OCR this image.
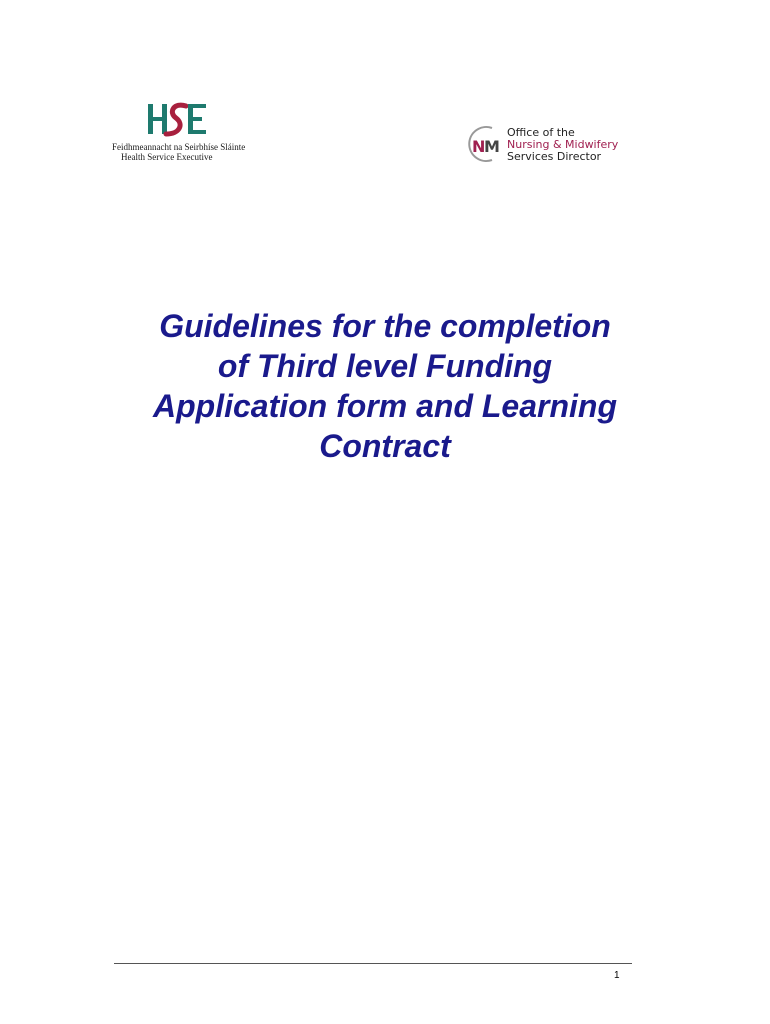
Feidhmeannacht na Seirbhíse Sláinte
Health Service Executive
N
M
Office of the
Nursing & Midwifery
Services Director
Guidelines for the completion
of Third level Funding
Application form and Learning
Contract
1
